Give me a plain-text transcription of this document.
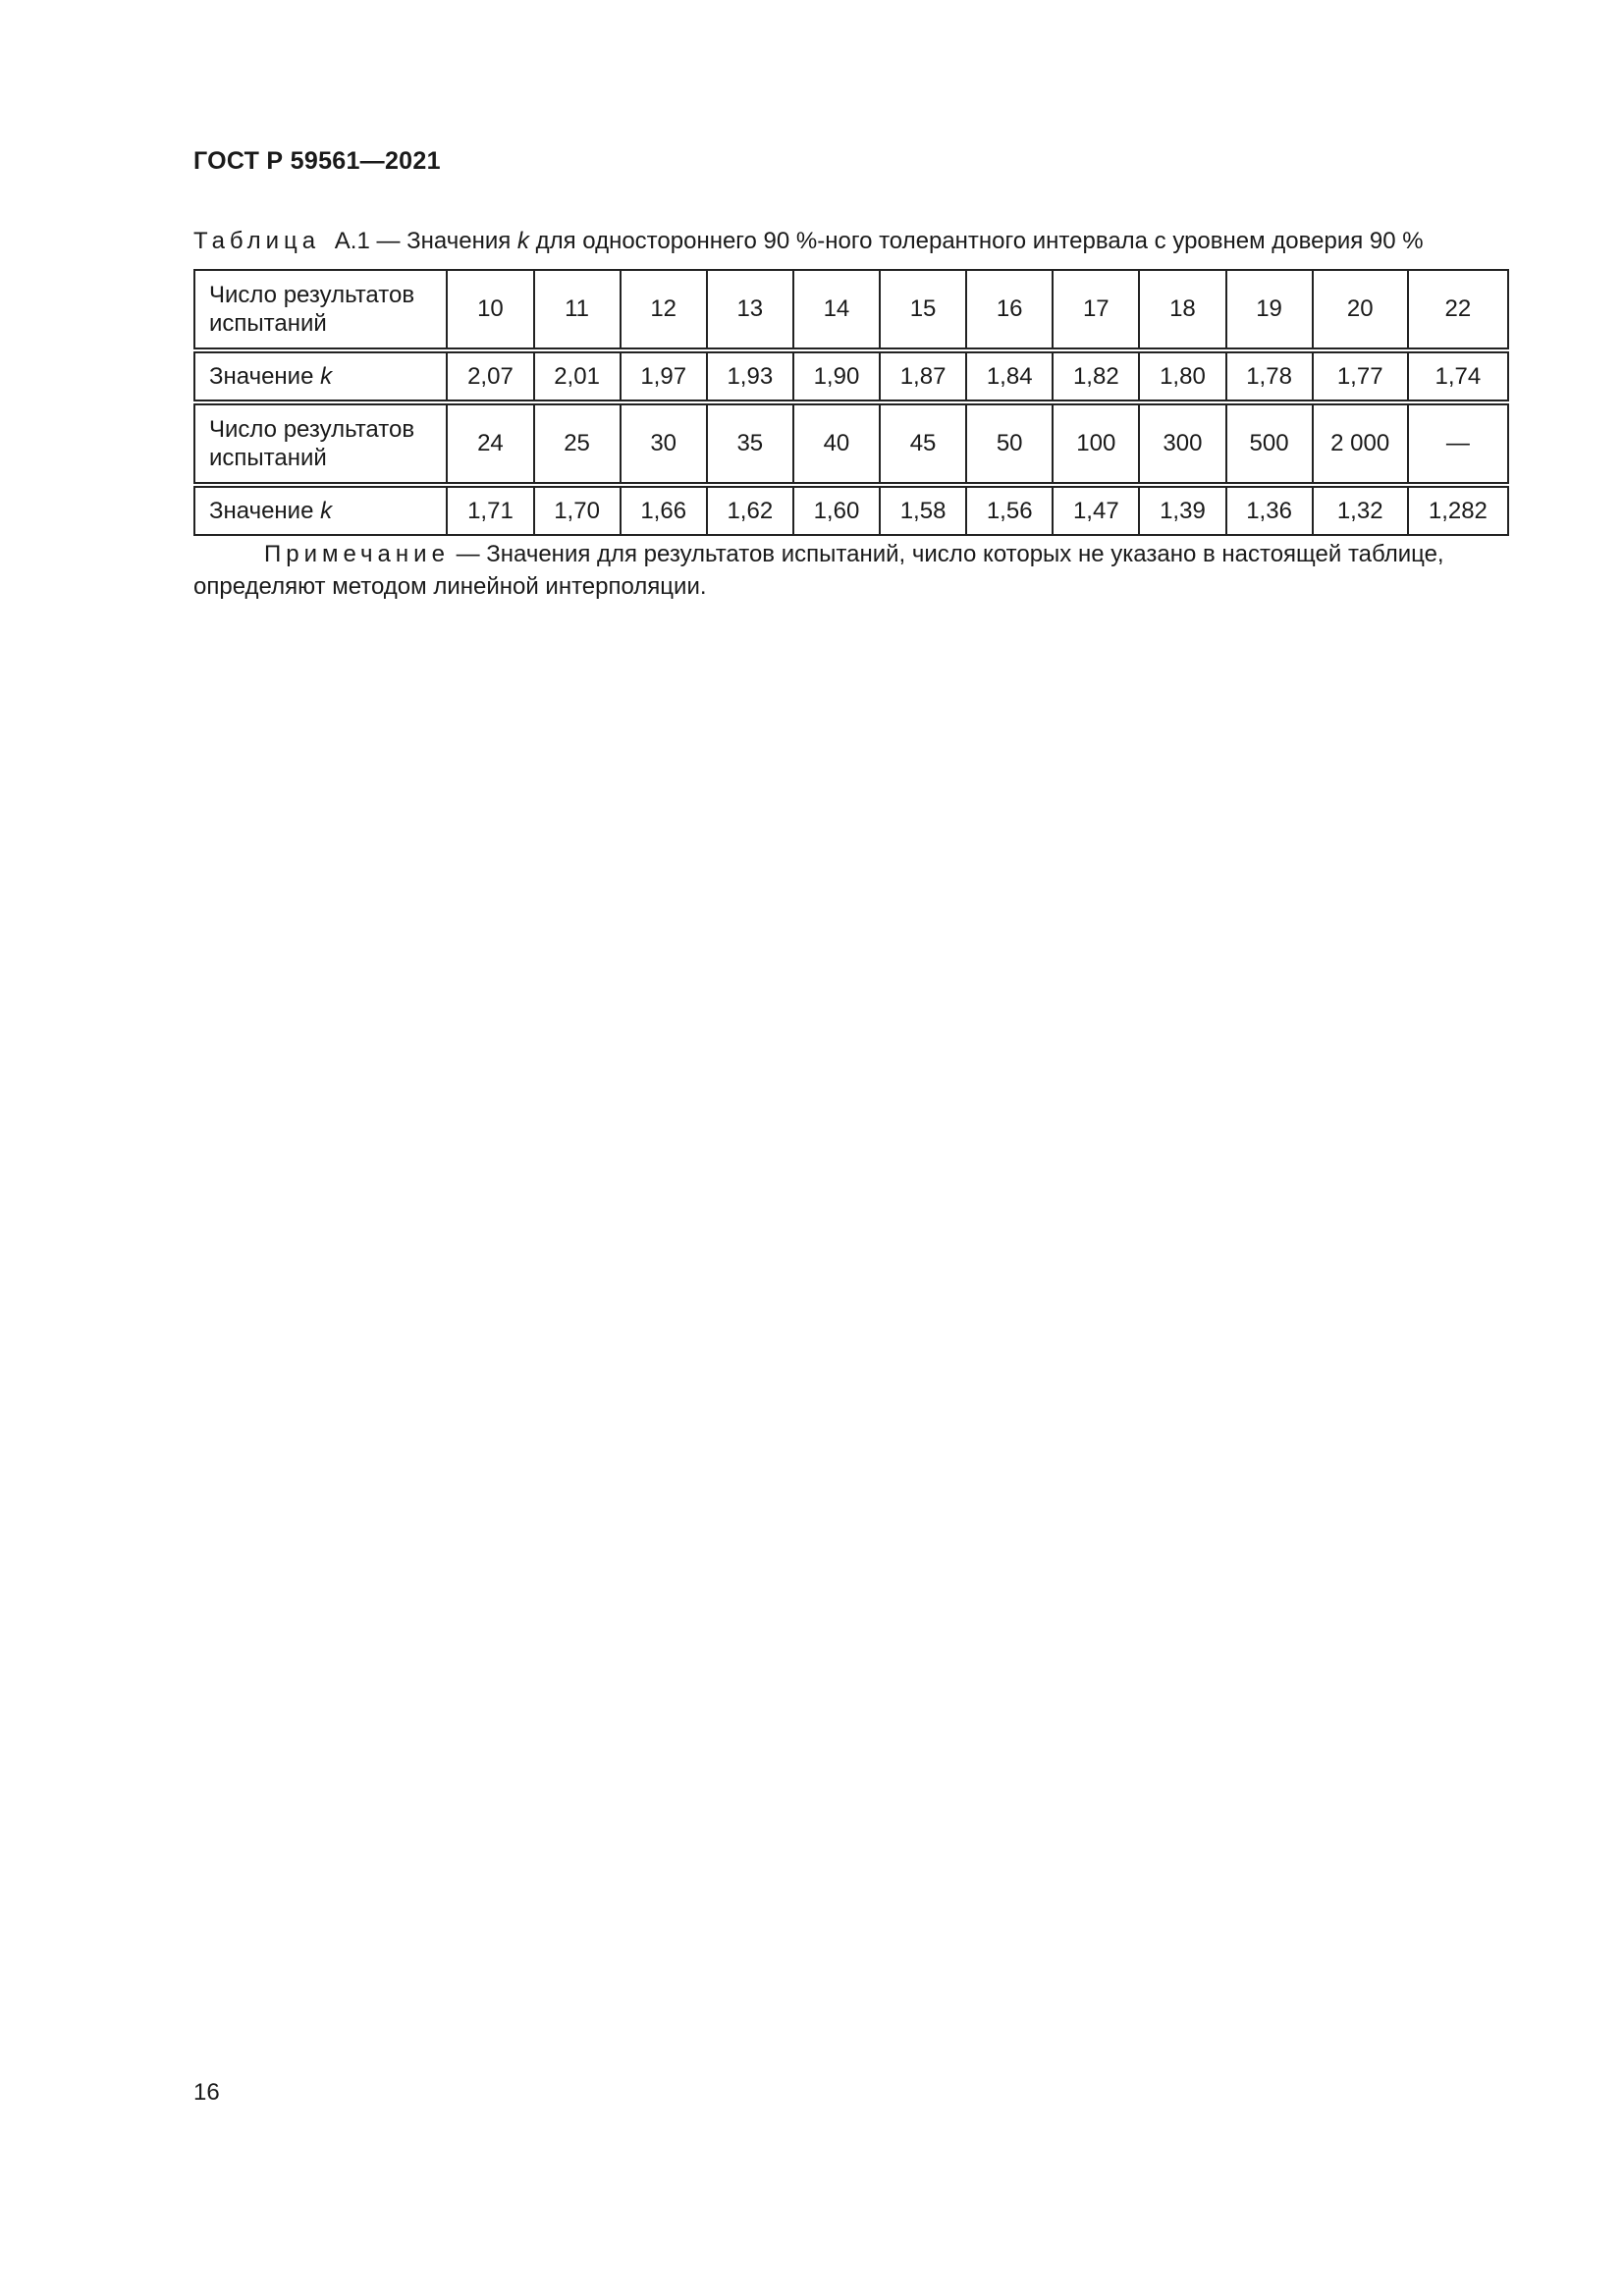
ГОСТ Р 59561—2021
Таблица А.1 — Значения k для одностороннего 90 %-ного толерантного интервала с уровнем доверия 90 %
Число результатов испытаний	10	11	12	13	14	15	16	17	18	19	20	22
Значение k	2,07	2,01	1,97	1,93	1,90	1,87	1,84	1,82	1,80	1,78	1,77	1,74
Число результатов испытаний	24	25	30	35	40	45	50	100	300	500	2 000	—
Значение k	1,71	1,70	1,66	1,62	1,60	1,58	1,56	1,47	1,39	1,36	1,32	1,282
Примечание — Значения для результатов испытаний, число которых не указано в настоящей таблице, определяют методом линейной интерполяции.
16
